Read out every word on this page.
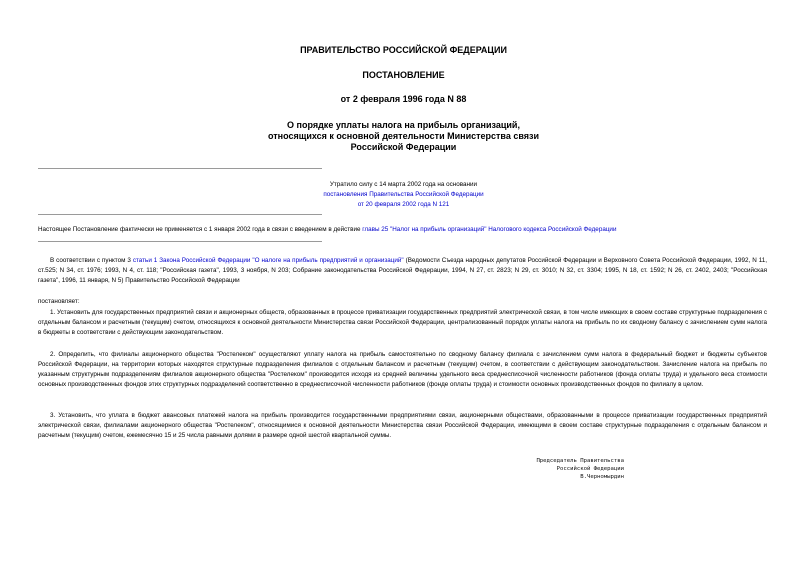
ПРАВИТЕЛЬСТВО РОССИЙСКОЙ ФЕДЕРАЦИИ
ПОСТАНОВЛЕНИЕ
от 2 февраля 1996 года N 88
О порядке уплаты налога на прибыль организаций,
относящихся к основной деятельности Министерства связи
Российской Федерации
Утратило силу с 14 марта 2002 года на основании
постановления Правительства Российской Федерации
от 20 февраля 2002 года N 121
Настоящее Постановление фактически не применяется с 1 января 2002 года в связи с введением в действие главы 25 "Налог на прибыль организаций" Налогового кодекса Российской Федерации
В соответствии с пунктом 3 статьи 1 Закона Российской Федерации "О налоге на прибыль предприятий и организаций" (Ведомости Съезда народных депутатов Российской Федерации и Верховного Совета Российской Федерации, 1992, N 11, ст.525; N 34, ст. 1976; 1993, N 4, ст. 118; "Российская газета", 1993, 3 ноября, N 203; Собрание законодательства Российской Федерации, 1994, N 27, ст. 2823; N 29, ст. 3010; N 32, ст. 3304; 1995, N 18, ст. 1592; N 26, ст. 2402, 2403; "Российская газета", 1996, 11 января, N 5) Правительство Российской Федерации
постановляет:
1. Установить для государственных предприятий связи и акционерных обществ, образованных в процессе приватизации государственных предприятий электрической связи, в том числе имеющих в своем составе структурные подразделения с отдельным балансом и расчетным (текущим) счетом, относящихся к основной деятельности Министерства связи Российской Федерации, централизованный порядок уплаты налога на прибыль по их сводному балансу с зачислением сумм налога в бюджеты в соответствии с действующим законодательством.
2. Определить, что филиалы акционерного общества "Ростелеком" осуществляют уплату налога на прибыль самостоятельно по сводному балансу филиала с зачислением сумм налога в федеральный бюджет и бюджеты субъектов Российской Федерации, на территории которых находятся структурные подразделения филиалов с отдельным балансом и расчетным (текущим) счетом, в соответствии с действующим законодательством. Зачисление налога на прибыль по указанным структурным подразделениям филиалов акционерного общества "Ростелеком" производится исходя из средней величины удельного веса среднесписочной численности работников (фонда оплаты труда) и удельного веса стоимости основных производственных фондов этих структурных подразделений соответственно в среднесписочной численности работников (фонде оплаты труда) и стоимости основных производственных фондов по филиалу в целом.
3. Установить, что уплата в бюджет авансовых платежей налога на прибыль производится государственными предприятиями связи, акционерными обществами, образованными в процессе приватизации государственных предприятий электрической связи, филиалами акционерного общества "Ростелеком", относящимися к основной деятельности Министерства связи Российской Федерации, имеющими в своем составе структурные подразделения с отдельным балансом и расчетным (текущим) счетом, ежемесячно 15 и 25 числа равными долями в размере одной шестой квартальной суммы.
Председатель Правительства
Российской Федерации
В.Черномырдин
